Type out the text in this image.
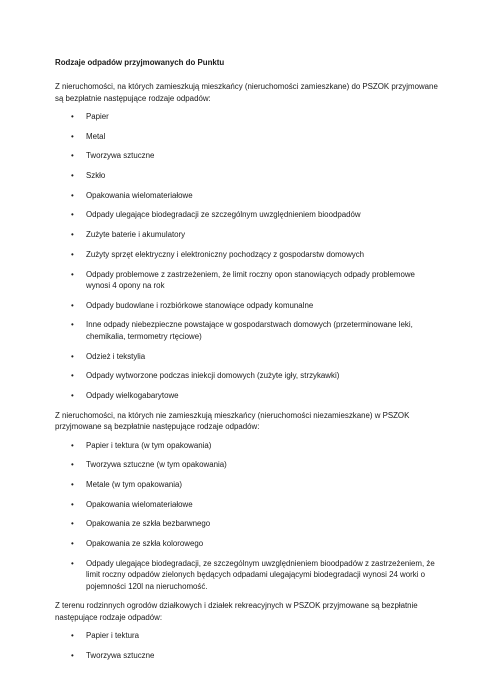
Rodzaje odpadów przyjmowanych do Punktu
Z nieruchomości, na których zamieszkują mieszkańcy (nieruchomości zamieszkane) do PSZOK przyjmowane są bezpłatnie następujące rodzaje odpadów:
• Papier
• Metal
• Tworzywa sztuczne
• Szkło
• Opakowania wielomateriałowe
• Odpady ulegające biodegradacji ze szczególnym uwzględnieniem bioodpadów
• Zużyte baterie i akumulatory
• Zużyty sprzęt elektryczny i elektroniczny pochodzący z gospodarstw domowych
• Odpady problemowe z zastrzeżeniem, że limit roczny opon stanowiących odpady problemowe wynosi 4 opony na rok
• Odpady budowlane i rozbiórkowe stanowiące odpady komunalne
• Inne odpady niebezpieczne powstające w gospodarstwach domowych (przeterminowane leki, chemikalia, termometry rtęciowe)
• Odzież i tekstylia
• Odpady wytworzone podczas iniekcji domowych (zużyte igły, strzykawki)
• Odpady wielkogabarytowe
Z nieruchomości, na których nie zamieszkują mieszkańcy (nieruchomości niezamieszkane) w PSZOK przyjmowane są bezpłatnie następujące rodzaje odpadów:
• Papier i tektura (w tym opakowania)
• Tworzywa sztuczne (w tym opakowania)
• Metale (w tym opakowania)
• Opakowania wielomateriałowe
• Opakowania ze szkła bezbarwnego
• Opakowania ze szkła kolorowego
• Odpady ulegające biodegradacji, ze szczególnym uwzględnieniem bioodpadów z zastrzeżeniem, że limit roczny odpadów zielonych będących odpadami ulegającymi biodegradacji wynosi 24 worki o pojemności 120l na nieruchomość.
Z terenu rodzinnych ogrodów działkowych i działek rekreacyjnych w PSZOK przyjmowane są bezpłatnie następujące rodzaje odpadów:
• Papier i tektura
• Tworzywa sztuczne
